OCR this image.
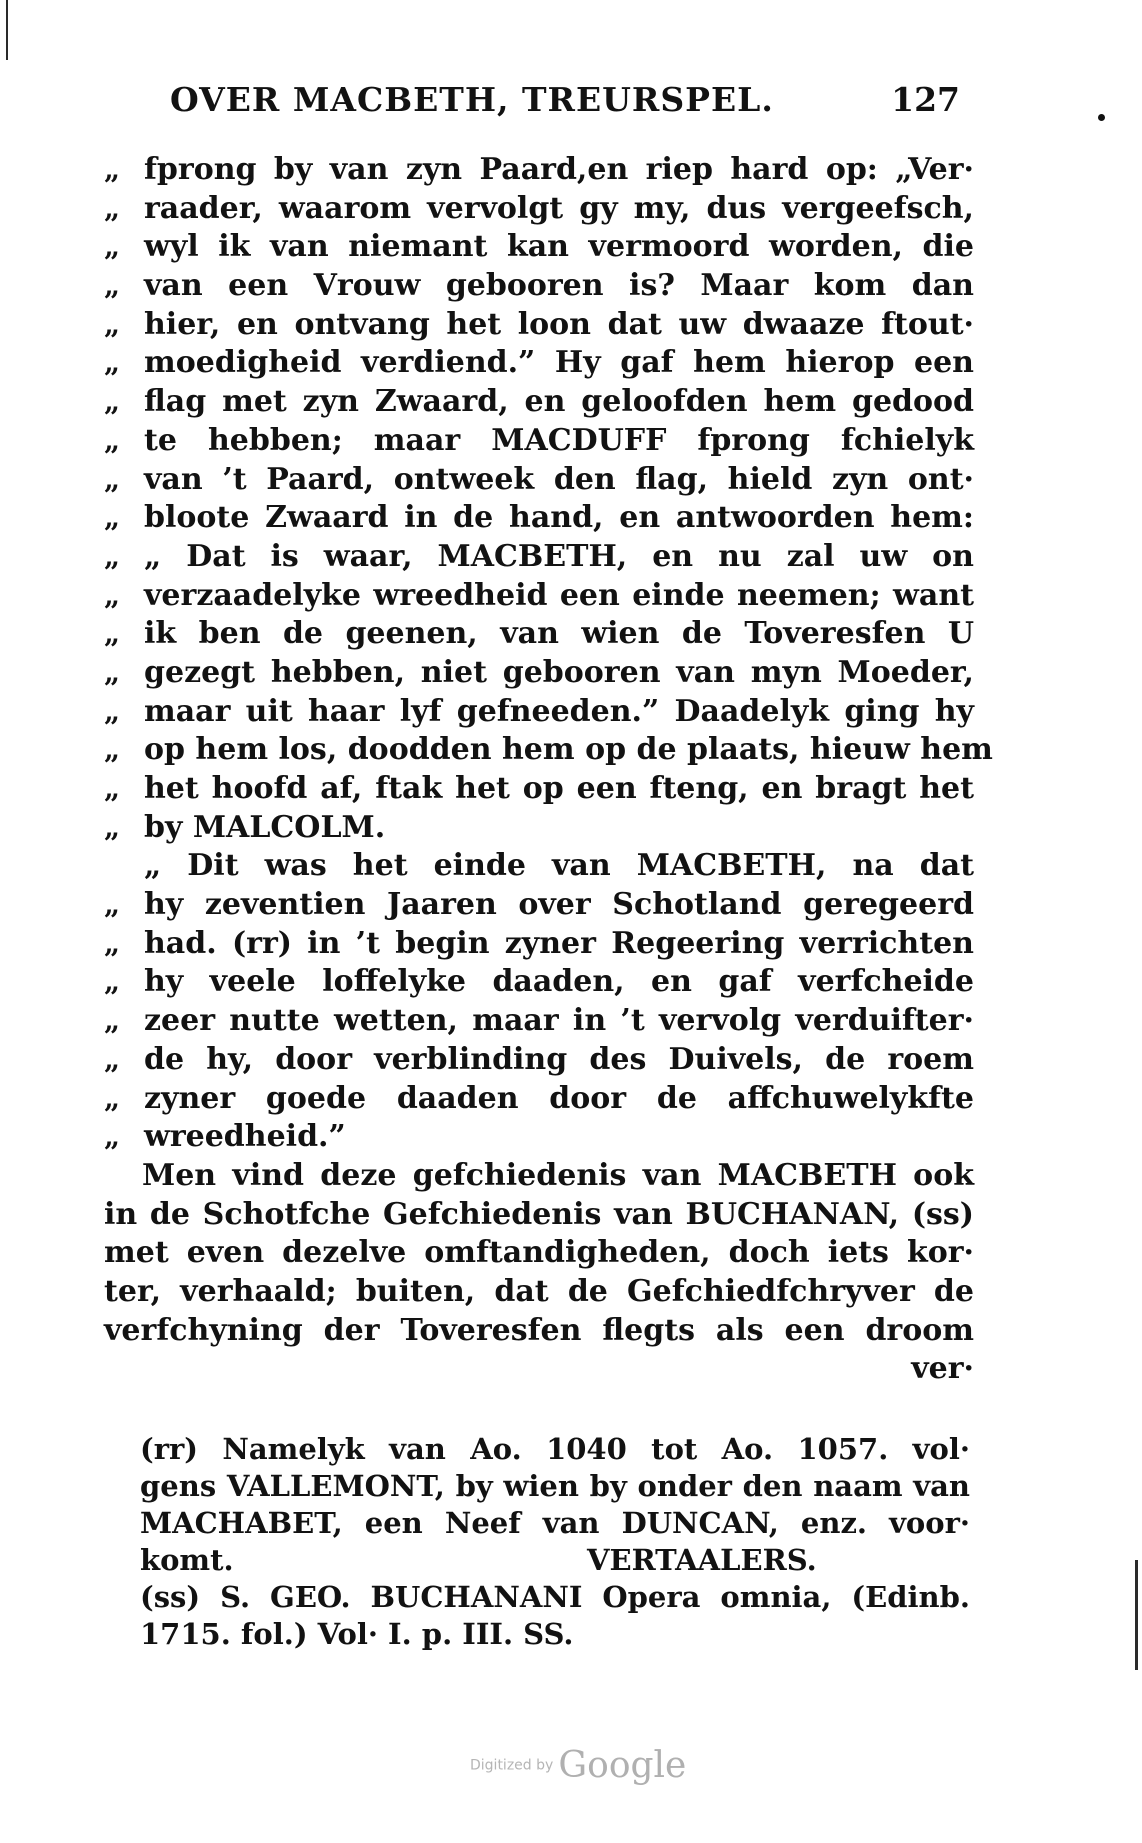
OVER MACBETH, TREURSPEL.	127
„ fprong by van zyn Paard,en riep hard op: „Ver·
„ raader, waarom vervolgt gy my, dus vergeefsch,
„ wyl ik van niemant kan vermoord worden, die
„ van een Vrouw gebooren is? Maar kom dan
„ hier, en ontvang het loon dat uw dwaaze ftout·
„ moedigheid verdiend.” Hy gaf hem hierop een
„ flag met zyn Zwaard, en geloofden hem gedood
„ te hebben; maar MACDUFF fprong fchielyk
„ van ’t Paard, ontweek den flag, hield zyn ont·
„ bloote Zwaard in de hand, en antwoorden hem:
„ „ Dat is waar, MACBETH, en nu zal uw on
„ verzaadelyke wreedheid een einde neemen; want
„ ik ben de geenen, van wien de Toveresfen U
„ gezegt hebben, niet gebooren van myn Moeder,
„ maar uit haar lyf gefneeden.” Daadelyk ging hy
„ op hem los, doodden hem op de plaats, hieuw hem
„ het hoofd af, ftak het op een fteng, en bragt het
„ by MALCOLM.
„ Dit was het einde van MACBETH, na dat
„ hy zeventien Jaaren over Schotland geregeerd
„ had. (rr) in ’t begin zyner Regeering verrichten
„ hy veele loffelyke daaden, en gaf verfcheide
„ zeer nutte wetten, maar in ’t vervolg verduifter·
„ de hy, door verblinding des Duivels, de roem
„ zyner goede daaden door de affchuwelykfte
„ wreedheid.”
Men vind deze gefchiedenis van MACBETH ook
in de Schotfche Gefchiedenis van BUCHANAN, (ss)
met even dezelve omftandigheden, doch iets kor·
ter, verhaald; buiten, dat de Gefchiedfchryver de
verfchyning der Toveresfen flegts als een droom
ver·
(rr) Namelyk van Ao. 1040 tot Ao. 1057. vol·
gens VALLEMONT, by wien by onder den naam van
MACHABET, een Neef van DUNCAN, enz. voor·
komt.                                   VERTAALERS.
(ss) S. GEO. BUCHANANI Opera omnia, (Edinb.
1715. fol.) Vol· I. p. III. SS.
Digitized by Google
